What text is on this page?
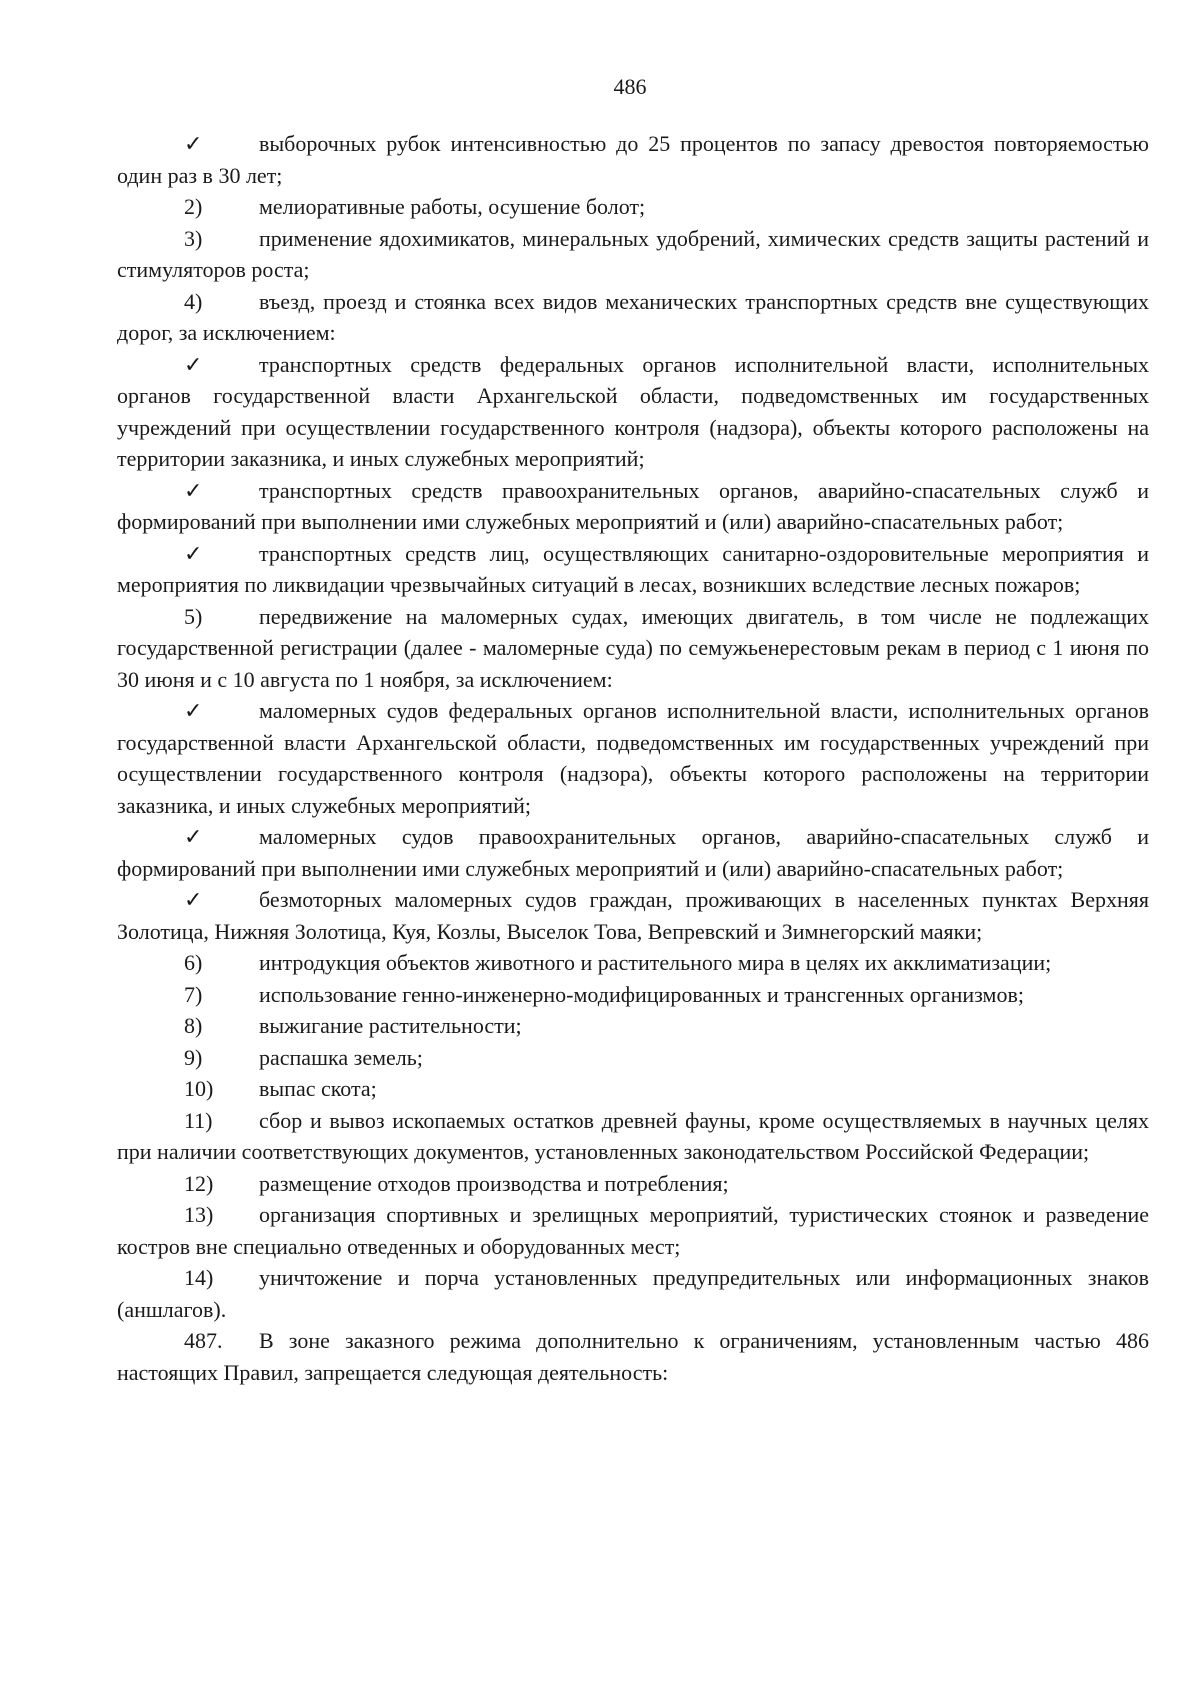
486

✓	выборочных рубок интенсивностью до 25 процентов по запасу древостоя повторяемостью один раз в 30 лет;

2)	мелиоративные работы, осушение болот;

3)	применение ядохимикатов, минеральных удобрений, химических средств защиты растений и стимуляторов роста;

4)	въезд, проезд и стоянка всех видов механических транспортных средств вне существующих дорог, за исключением:

✓	транспортных средств федеральных органов исполнительной власти, исполнительных органов государственной власти Архангельской области, подведомственных им государственных учреждений при осуществлении государственного контроля (надзора), объекты которого расположены на территории заказника, и иных служебных мероприятий;

✓	транспортных средств правоохранительных органов, аварийно-спасательных служб и формирований при выполнении ими служебных мероприятий и (или) аварийно-спасательных работ;

✓	транспортных средств лиц, осуществляющих санитарно-оздоровительные мероприятия и мероприятия по ликвидации чрезвычайных ситуаций в лесах, возникших вследствие лесных пожаров;

5)	передвижение на маломерных судах, имеющих двигатель, в том числе не подлежащих государственной регистрации (далее - маломерные суда) по семужьенерестовым рекам в период с 1 июня по 30 июня и с 10 августа по 1 ноября, за исключением:

✓	маломерных судов федеральных органов исполнительной власти, исполнительных органов государственной власти Архангельской области, подведомственных им государственных учреждений при осуществлении государственного контроля (надзора), объекты которого расположены на территории заказника, и иных служебных мероприятий;

✓	маломерных судов правоохранительных органов, аварийно-спасательных служб и формирований при выполнении ими служебных мероприятий и (или) аварийно-спасательных работ;

✓	безмоторных маломерных судов граждан, проживающих в населенных пунктах Верхняя Золотица, Нижняя Золотица, Куя, Козлы, Выселок Това, Вепревский и Зимнегорский маяки;

6)	интродукция объектов животного и растительного мира в целях их акклиматизации;

7)	использование генно-инженерно-модифицированных и трансгенных организмов;

8)	выжигание растительности;

9)	распашка земель;

10)	выпас скота;

11)	сбор и вывоз ископаемых остатков древней фауны, кроме осуществляемых в научных целях при наличии соответствующих документов, установленных законодательством Российской Федерации;

12)	размещение отходов производства и потребления;

13)	организация спортивных и зрелищных мероприятий, туристических стоянок и разведение костров вне специально отведенных и оборудованных мест;

14)	уничтожение и порча установленных предупредительных или информационных знаков (аншлагов).

487.	В зоне заказного режима дополнительно к ограничениям, установленным частью 486 настоящих Правил, запрещается следующая деятельность:
